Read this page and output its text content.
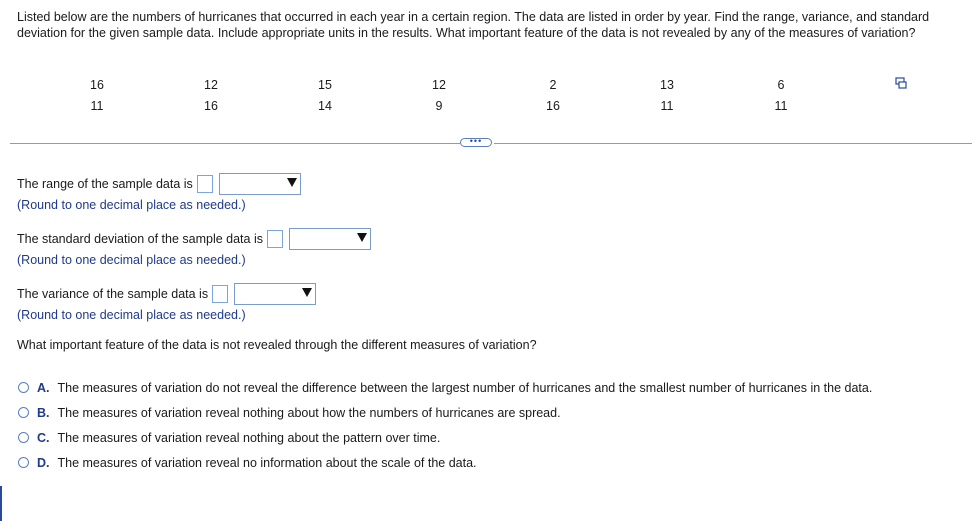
Listed below are the numbers of hurricanes that occurred in each year in a certain region. The data are listed in order by year. Find the range, variance, and standard deviation for the given sample data. Include appropriate units in the results. What important feature of the data is not revealed by any of the measures of variation?

16	12	15	12	2	13	6
11	16	14	9	16	11	11
•••
The range of the sample data is
(Round to one decimal place as needed.)
The standard deviation of the sample data is
(Round to one decimal place as needed.)
The variance of the sample data is
(Round to one decimal place as needed.)
What important feature of the data is not revealed through the different measures of variation?
A. The measures of variation do not reveal the difference between the largest number of hurricanes and the smallest number of hurricanes in the data.
B. The measures of variation reveal nothing about how the numbers of hurricanes are spread.
C. The measures of variation reveal nothing about the pattern over time.
D. The measures of variation reveal no information about the scale of the data.
